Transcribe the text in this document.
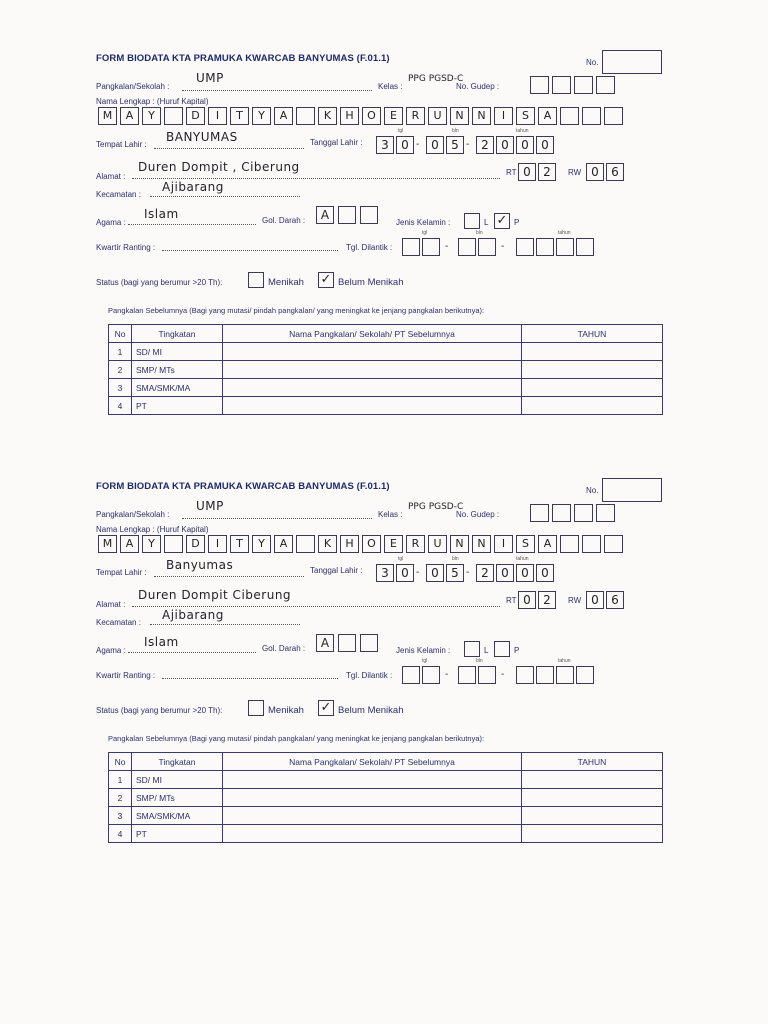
FORM BIODATA KTA PRAMUKA KWARCAB BANYUMAS (F.01.1)	No.
Pangkalan/Sekolah :
UMP
Kelas :
PPG PGSD-C
No. Gudep :
Nama Lengkap : (Huruf Kapital)
M	A	Y	D	I	T	Y	A	K	H	O	E	R	U	N	N	I	S	A
Tempat Lahir :
BANYUMAS	Tanggal Lahir :
tgl	bln	tahun
3	0	0	5	2	0	0	0
-	-
Alamat :
Duren Dompit , Ciberung	RT 0	2	RW 0	6
Kecamatan :
Ajibarang
Agama :
Islam	Gol. Darah :	A
Jenis Kelamin :	L ✓ P
Kwartir Ranting :	Tgl. Dilantik :
tgl	bln	tahun
-	-
Status (bagi yang berumur >20 Th):	Menikah ✓ Belum Menikah
Pangkalan Sebelumnya (Bagi yang mutasi/ pindah pangkalan/ yang meningkat ke jenjang pangkalan berikutnya):
No	Tingkatan	Nama Pangkalan/ Sekolah/ PT Sebelumnya	TAHUN
1	SD/ MI		
2	SMP/ MTs		
3	SMA/SMK/MA		
4	PT		
FORM BIODATA KTA PRAMUKA KWARCAB BANYUMAS (F.01.1)	No.
Pangkalan/Sekolah :
UMP
Kelas :
PPG PGSD-C
No. Gudep :
Nama Lengkap : (Huruf Kapital)
M	A	Y	D	I	T	Y	A	K	H	O	E	R	U	N	N	I	S	A
Tempat Lahir :
Banyumas	Tanggal Lahir :
tgl	bln	tahun
3	0	0	5	2	0	0	0
-	-
Alamat :
Duren Dompit Ciberung	RT 0	2	RW 0	6
Kecamatan :
Ajibarang
Agama :
Islam	Gol. Darah :	A
Jenis Kelamin :	L	P
Kwartir Ranting :	Tgl. Dilantik :
tgl	bln	tahun
-	-
Status (bagi yang berumur >20 Th):	Menikah ✓ Belum Menikah
Pangkalan Sebelumnya (Bagi yang mutasi/ pindah pangkalan/ yang meningkat ke jenjang pangkalan berikutnya):
No	Tingkatan	Nama Pangkalan/ Sekolah/ PT Sebelumnya	TAHUN
1	SD/ MI		
2	SMP/ MTs		
3	SMA/SMK/MA		
4	PT		
